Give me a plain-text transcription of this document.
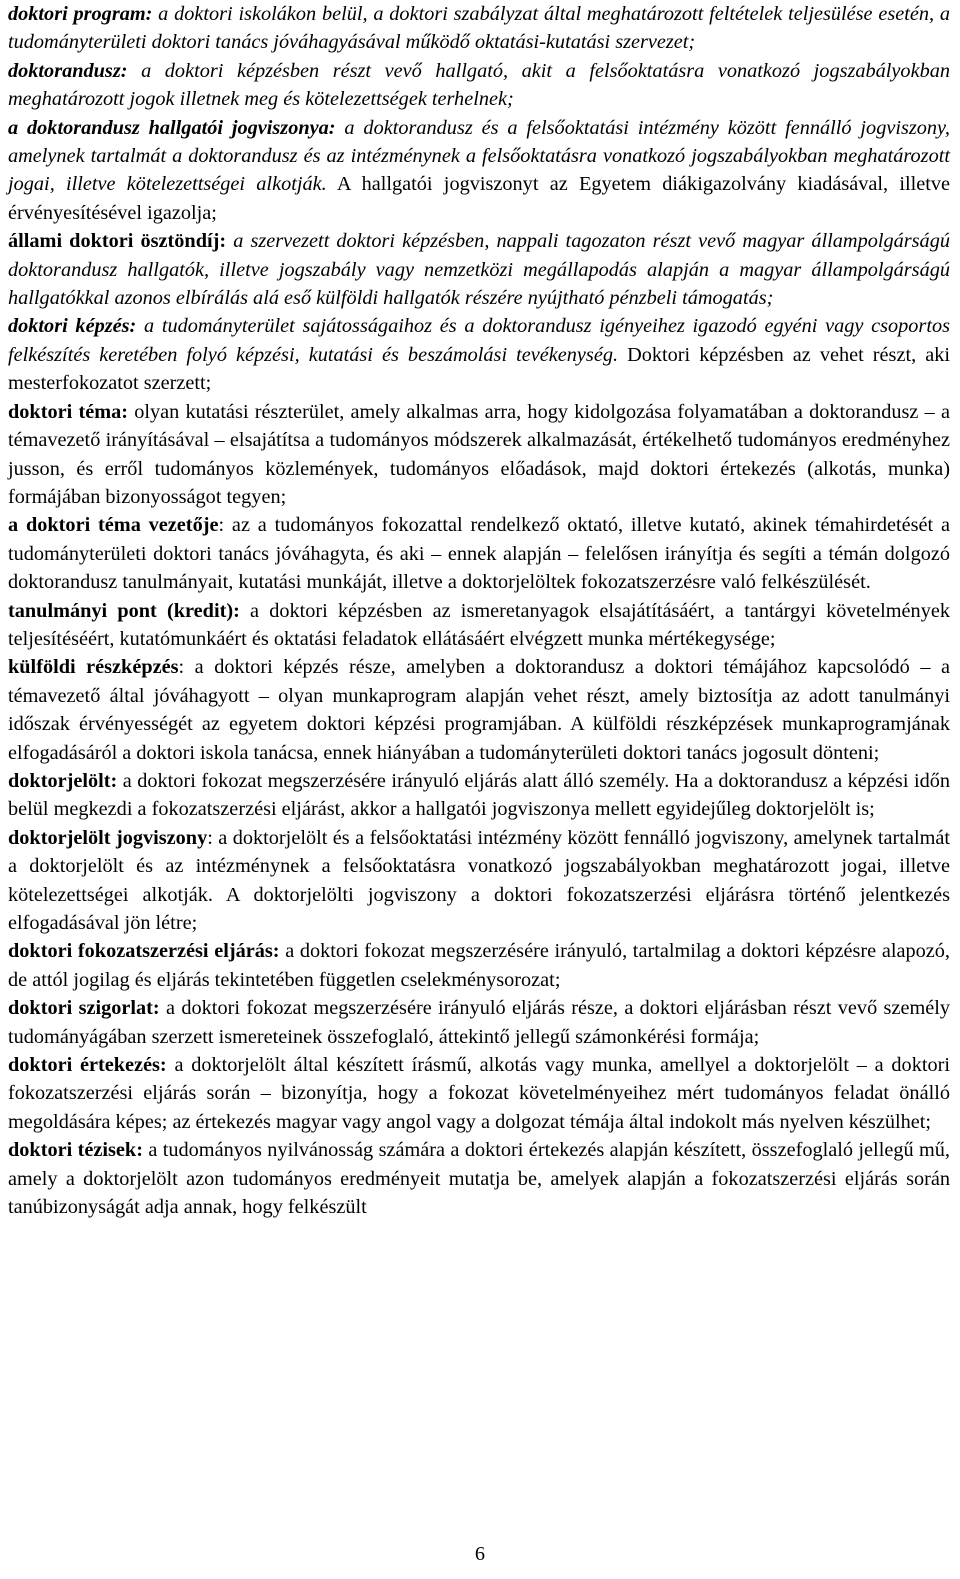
doktori program: a doktori iskolákon belül, a doktori szabályzat által meghatározott feltételek teljesülése esetén, a tudományterületi doktori tanács jóváhagyásával működő oktatási-kutatási szervezet;

doktorandusz: a doktori képzésben részt vevő hallgató, akit a felsőoktatásra vonatkozó jogszabályokban meghatározott jogok illetnek meg és kötelezettségek terhelnek;

a doktorandusz hallgatói jogviszonya: a doktorandusz és a felsőoktatási intézmény között fennálló jogviszony, amelynek tartalmát a doktorandusz és az intézménynek a felsőoktatásra vonatkozó jogszabályokban meghatározott jogai, illetve kötelezettségei alkotják. A hallgatói jogviszonyt az Egyetem diákigazolvány kiadásával, illetve érvényesítésével igazolja;

állami doktori ösztöndíj: a szervezett doktori képzésben, nappali tagozaton részt vevő magyar állampolgárságú doktorandusz hallgatók, illetve jogszabály vagy nemzetközi megállapodás alapján a magyar állampolgárságú hallgatókkal azonos elbírálás alá eső külföldi hallgatók részére nyújtható pénzbeli támogatás;

doktori képzés: a tudományterület sajátosságaihoz és a doktorandusz igényeihez igazodó egyéni vagy csoportos felkészítés keretében folyó képzési, kutatási és beszámolási tevékenység. Doktori képzésben az vehet részt, aki mesterfokozatot szerzett;

doktori téma: olyan kutatási részterület, amely alkalmas arra, hogy kidolgozása folyamatában a doktorandusz – a témavezető irányításával – elsajátítsa a tudományos módszerek alkalmazását, értékelhető tudományos eredményhez jusson, és erről tudományos közlemények, tudományos előadások, majd doktori értekezés (alkotás, munka) formájában bizonyosságot tegyen;

a doktori téma vezetője: az a tudományos fokozattal rendelkező oktató, illetve kutató, akinek témahirdetését a tudományterületi doktori tanács jóváhagyta, és aki – ennek alapján – felelősen irányítja és segíti a témán dolgozó doktorandusz tanulmányait, kutatási munkáját, illetve a doktorjelöltek fokozatszerzésre való felkészülését.

tanulmányi pont (kredit): a doktori képzésben az ismeretanyagok elsajátításáért, a tantárgyi követelmények teljesítéséért, kutatómunkáért és oktatási feladatok ellátásáért elvégzett munka mértékegysége;

külföldi részképzés: a doktori képzés része, amelyben a doktorandusz a doktori témájához kapcsolódó – a témavezető által jóváhagyott – olyan munkaprogram alapján vehet részt, amely biztosítja az adott tanulmányi időszak érvényességét az egyetem doktori képzési programjában. A külföldi részképzések munkaprogramjának elfogadásáról a doktori iskola tanácsa, ennek hiányában a tudományterületi doktori tanács jogosult dönteni;

doktorjelölt: a doktori fokozat megszerzésére irányuló eljárás alatt álló személy. Ha a doktorandusz a képzési időn belül megkezdi a fokozatszerzési eljárást, akkor a hallgatói jogviszonya mellett egyidejűleg doktorjelölt is;

doktorjelölt jogviszony: a doktorjelölt és a felsőoktatási intézmény között fennálló jogviszony, amelynek tartalmát a doktorjelölt és az intézménynek a felsőoktatásra vonatkozó jogszabályokban meghatározott jogai, illetve kötelezettségei alkotják. A doktorjelölti jogviszony a doktori fokozatszerzési eljárásra történő jelentkezés elfogadásával jön létre;

doktori fokozatszerzési eljárás: a doktori fokozat megszerzésére irányuló, tartalmilag a doktori képzésre alapozó, de attól jogilag és eljárás tekintetében független cselekménysorozat;

doktori szigorlat: a doktori fokozat megszerzésére irányuló eljárás része, a doktori eljárásban részt vevő személy tudományágában szerzett ismereteinek összefoglaló, áttekintő jellegű számonkérési formája;

doktori értekezés: a doktorjelölt által készített írásmű, alkotás vagy munka, amellyel a doktorjelölt – a doktori fokozatszerzési eljárás során – bizonyítja, hogy a fokozat követelményeihez mért tudományos feladat önálló megoldására képes; az értekezés magyar vagy angol vagy a dolgozat témája által indokolt más nyelven készülhet;

doktori tézisek: a tudományos nyilvánosság számára a doktori értekezés alapján készített, összefoglaló jellegű mű, amely a doktorjelölt azon tudományos eredményeit mutatja be, amelyek alapján a fokozatszerzési eljárás során tanúbizonyságát adja annak, hogy felkészült

6
